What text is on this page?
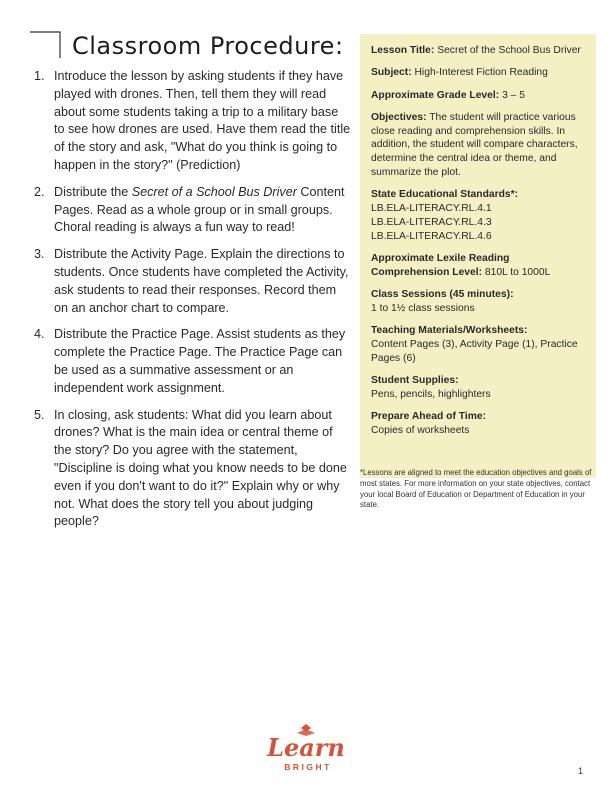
Classroom Procedure:
1. Introduce the lesson by asking students if they have played with drones. Then, tell them they will read about some students taking a trip to a military base to see how drones are used. Have them read the title of the story and ask, "What do you think is going to happen in the story?" (Prediction)
2. Distribute the Secret of a School Bus Driver Content Pages. Read as a whole group or in small groups. Choral reading is always a fun way to read!
3. Distribute the Activity Page. Explain the directions to students. Once students have completed the Activity, ask students to read their responses. Record them on an anchor chart to compare.
4. Distribute the Practice Page. Assist students as they complete the Practice Page. The Practice Page can be used as a summative assessment or an independent work assignment.
5. In closing, ask students: What did you learn about drones? What is the main idea or central theme of the story? Do you agree with the statement, "Discipline is doing what you know needs to be done even if you don't want to do it?" Explain why or why not. What does the story tell you about judging people?
Lesson Title: Secret of the School Bus Driver
Subject: High-Interest Fiction Reading
Approximate Grade Level: 3 – 5
Objectives: The student will practice various close reading and comprehension skills. In addition, the student will compare characters, determine the central idea or theme, and summarize the plot.
State Educational Standards*:
LB.ELA-LITERACY.RL.4.1
LB.ELA-LITERACY.RL.4.3
LB.ELA-LITERACY.RL.4.6
Approximate Lexile Reading Comprehension Level: 810L to 1000L
Class Sessions (45 minutes):
1 to 1½ class sessions
Teaching Materials/Worksheets:
Content Pages (3), Activity Page (1), Practice Pages (6)
Student Supplies:
Pens, pencils, highlighters
Prepare Ahead of Time:
Copies of worksheets
*Lessons are aligned to meet the education objectives and goals of most states. For more information on your state objectives, contact your local Board of Education or Department of Education in your state.
Learn
BRIGHT	1
